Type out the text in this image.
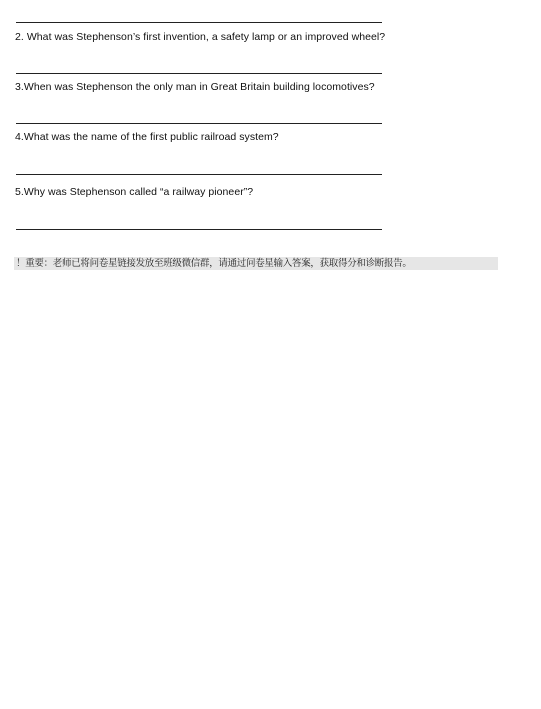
2. What was Stephenson’s first invention, a safety lamp or an improved wheel?
3.When was Stephenson the only man in Great Britain building locomotives?
4.What was the name of the first public railroad system?
5.Why was Stephenson called “a railway pioneer”?
！重要：老师已将问卷星链接发放至班级微信群，请通过问卷星输入答案，获取得分和诊断报告。
